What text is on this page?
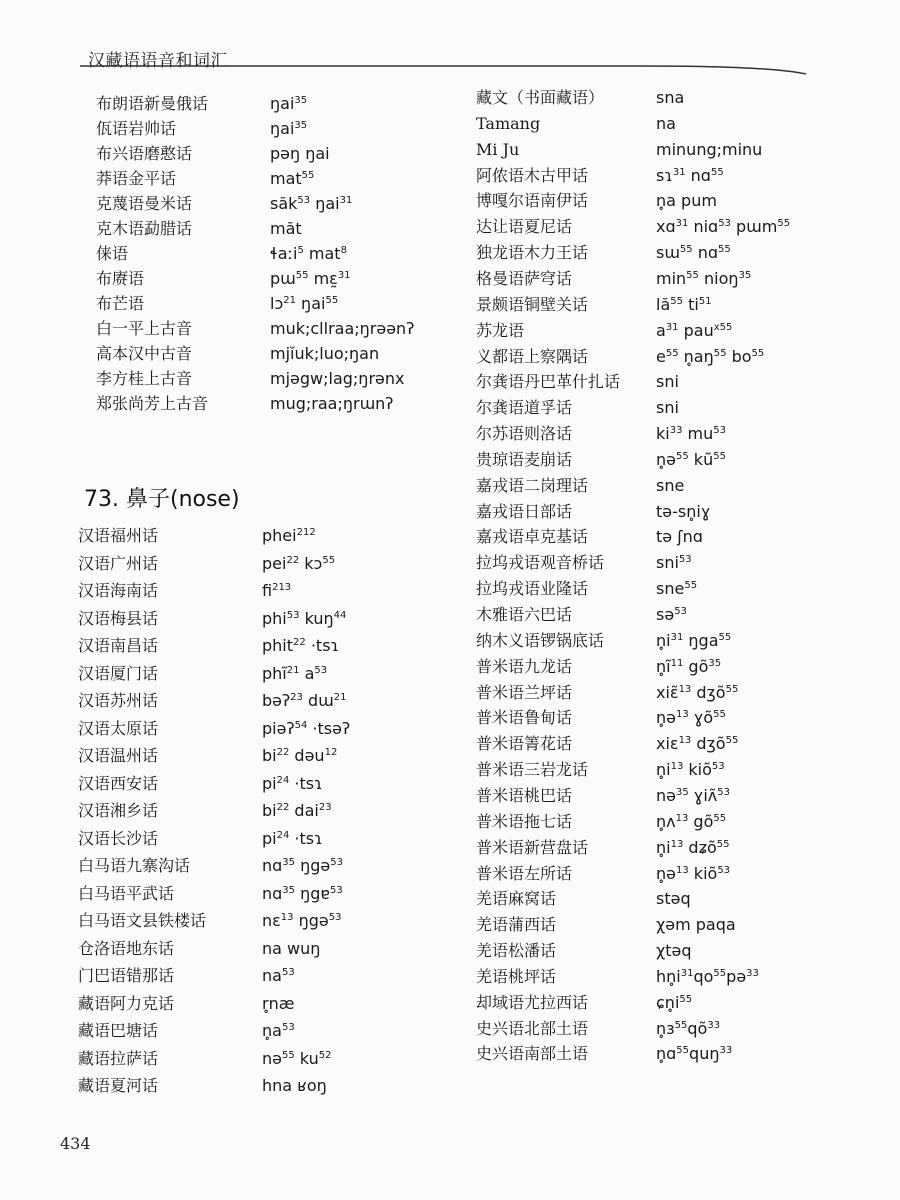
汉藏语语音和词汇
布朗语新曼俄话	ŋai$^{35}$
佤语岩帅话	ŋai$^{35}$
布兴语磨憨话	pəŋ ŋai
莽语金平话	mat$^{55}$
克蔑语曼米话	săk$^{53}$ ŋai$^{31}$
克木语勐腊话	măt
俫语	ɬaːi$^5$ mat$^8$
布赓语	pɯ$^{55}$ mɛ̰$^{31}$
布芒语	lɔ$^{21}$ ŋai$^{55}$
白一平上古音	muk;cllraa;ŋrəənʔ
高本汉中古音	mjĭuk;luo;ŋan
李方桂上古音	mjəgw;lag;ŋrənx
郑张尚芳上古音	mug;raa;ŋrɯnʔ
73. 鼻子(nose)
汉语福州话	phei$^{212}$
汉语广州话	pei$^{22}$ kɔ$^{55}$
汉语海南话	$fi^{213}$
汉语梅县话	phi$^{53}$ kuŋ$^{44}$
汉语南昌话	phit$^{22}$ ·tsɿ
汉语厦门话	phĩ$^{21}$ $a^{53}$
汉语苏州话	bəʔ$^{23}$ dɯ$^{21}$
汉语太原话	piəʔ$^{54}$ ·tsəʔ
汉语温州话	$bi^{22}$ dəu$^{12}$
汉语西安话	$pi^{24}$ ·tsɿ
汉语湘乡话	$bi^{22}$ dai$^{23}$
汉语长沙话	$pi^{24}$ ·tsɿ
白马语九寨沟话	nɑ$^{35}$ ŋgə$^{53}$
白马语平武话	nɑ$^{35}$ ŋgɐ$^{53}$
白马语文县铁楼话	nɛ$^{13}$ ŋgə$^{53}$
仓洛语地东话	na wuŋ
门巴语错那话	$na^{53}$
藏语阿力克话	r̥næ
藏语巴塘话	$n̥a^{53}$
藏语拉萨话	nə$^{55}$ $ku^{52}$
藏语夏河话	hna ʁoŋ
藏文（书面藏语）	sna
Tamang	na
Mi Ju	minung;minu
阿侬语木古甲话	sɿ$^{31}$ nɑ$^{55}$
博嘎尔语南伊话	n̥a pum
达让语夏尼话	xɑ$^{31}$ niɑ$^{53}$ pɯm$^{55}$
独龙语木力王话	sɯ$^{55}$ nɑ$^{55}$
格曼语萨穹话	$\min^{55}$ nioŋ$^{35}$
景颇语铜壁关话	$lă^{55}$ $ti^{51}$
苏龙语	$a^{31}$ pau$^{x55}$
义都语上察隅话	$e^{55}$ $n̥aŋ^{55}$ $bo^{55}$
尔龚语丹巴革什扎话 sni
尔龚语道孚话	sni
尔苏语则洛话	$ki^{33}$ $mu^{53}$
贵琼语麦崩话	n̥ə$^{55}$ $kũ^{55}$
嘉戎语二岗理话	sne
嘉戎语日部话	tə-sn̥iɣ
嘉戎语卓克基话	tə ʃnɑ
拉坞戎语观音桥话	sni$^{53}$
拉坞戎语业隆话	sne$^{55}$
木雅语六巴话	sə$^{53}$
纳木义语锣锅底话	$n̥i^{31}$ ŋga$^{55}$
普米语九龙话	$n̥ĩ^{11}$ $gõ^{35}$
普米语兰坪话	xiɛ̃$^{13}$ dʒõ$^{55}$
普米语鲁甸话	n̥ə$^{13}$ ɣõ$^{55}$
普米语箐花话	xiɛ$^{13}$ dʒõ$^{55}$
普米语三岩龙话	$n̥i^{13}$ kiõ$^{53}$
普米语桃巴话	nə$^{35}$ ɣiʌ̃$^{53}$
普米语拖七话	n̥ʌ$^{13}$ $gõ^{55}$
普米语新营盘话	$n̥i^{13}$ dʑõ$^{55}$
普米语左所话	n̥ə$^{13}$ kiõ$^{53}$
羌语麻窝话	stəq
羌语蒲西话	χəm paqa
羌语松潘话	χtəq
羌语桃坪话	$hn̥i^{31}qo^{55}pə^{33}$
却域语尤拉西话	$ɕn̥i^{55}$
史兴语北部土语	$n̥ɜ^{55}qõ^{33}$
史兴语南部土语	n̥ɑ$^{55}$quŋ$^{33}$
434
